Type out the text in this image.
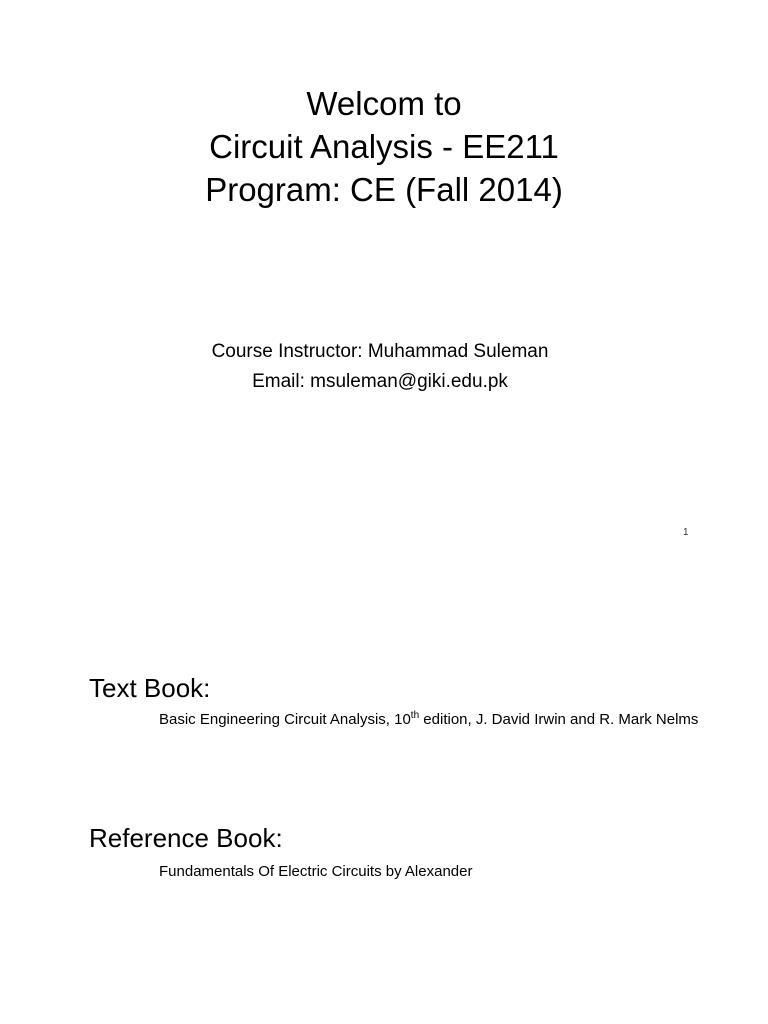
Welcom to
Circuit Analysis - EE211
Program: CE (Fall 2014)
Course Instructor: Muhammad Suleman
Email: msuleman@giki.edu.pk
1
Text Book:
Basic Engineering Circuit Analysis, 10th edition, J. David Irwin and R. Mark Nelms
Reference Book:
Fundamentals Of Electric Circuits by Alexander
